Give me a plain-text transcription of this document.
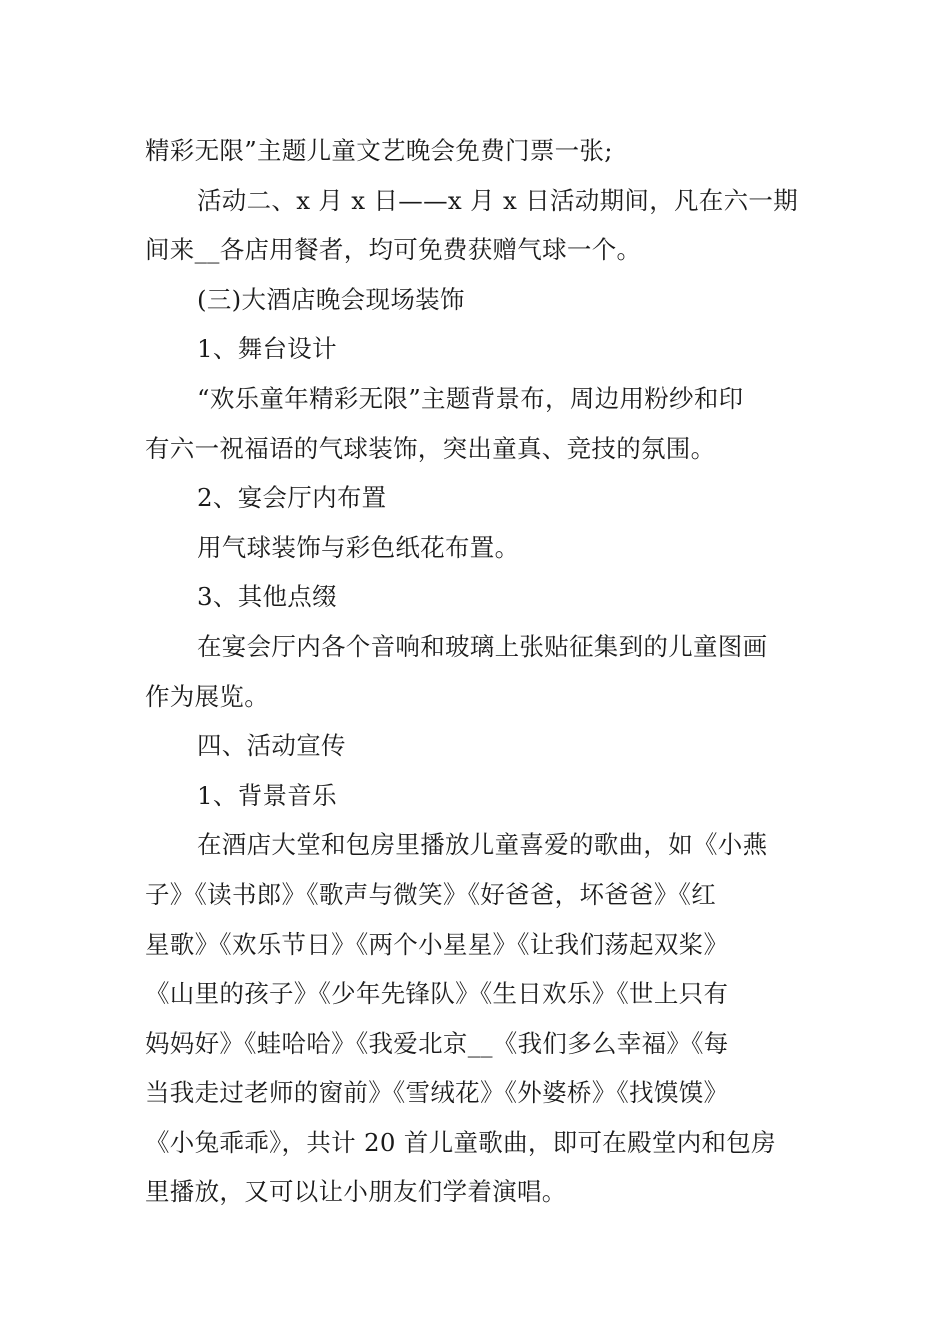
精彩无限”主题儿童文艺晚会免费门票一张;
活动二、x 月 x 日——x 月 x 日活动期间，凡在六一期
间来__各店用餐者，均可免费获赠气球一个。
(三)大酒店晚会现场装饰
1、舞台设计
“欢乐童年精彩无限”主题背景布，周边用粉纱和印
有六一祝福语的气球装饰，突出童真、竞技的氛围。
2、宴会厅内布置
用气球装饰与彩色纸花布置。
3、其他点缀
在宴会厅内各个音响和玻璃上张贴征集到的儿童图画
作为展览。
四、活动宣传
1、背景音乐
在酒店大堂和包房里播放儿童喜爱的歌曲，如《小燕
子》《读书郎》《歌声与微笑》《好爸爸，坏爸爸》《红
星歌》《欢乐节日》《两个小星星》《让我们荡起双桨》
《山里的孩子》《少年先锋队》《生日欢乐》《世上只有
妈妈好》《蛙哈哈》《我爱北京__《我们多么幸福》《每
当我走过老师的窗前》《雪绒花》《外婆桥》《找馍馍》
《小兔乖乖》，共计 20 首儿童歌曲，即可在殿堂内和包房
里播放，又可以让小朋友们学着演唱。
